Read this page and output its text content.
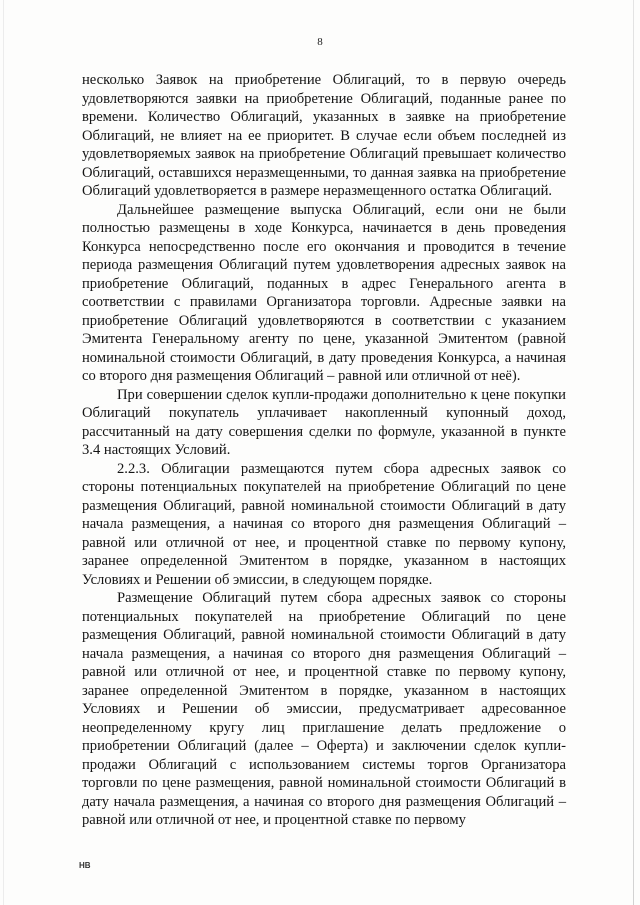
8

несколько Заявок на приобретение Облигаций, то в первую очередь удовлетворяются заявки на приобретение Облигаций, поданные ранее по времени. Количество Облигаций, указанных в заявке на приобретение Облигаций, не влияет на ее приоритет. В случае если объем последней из удовлетворяемых заявок на приобретение Облигаций превышает количество Облигаций, оставшихся неразмещенными, то данная заявка на приобретение Облигаций удовлетворяется в размере неразмещенного остатка Облигаций.

Дальнейшее размещение выпуска Облигаций, если они не были полностью размещены в ходе Конкурса, начинается в день проведения Конкурса непосредственно после его окончания и проводится в течение периода размещения Облигаций путем удовлетворения адресных заявок на приобретение Облигаций, поданных в адрес Генерального агента в соответствии с правилами Организатора торговли. Адресные заявки на приобретение Облигаций удовлетворяются в соответствии с указанием Эмитента Генеральному агенту по цене, указанной Эмитентом (равной номинальной стоимости Облигаций, в дату проведения Конкурса, а начиная со второго дня размещения Облигаций – равной или отличной от неё).

При совершении сделок купли-продажи дополнительно к цене покупки Облигаций покупатель уплачивает накопленный купонный доход, рассчитанный на дату совершения сделки по формуле, указанной в пункте 3.4 настоящих Условий.

2.2.3. Облигации размещаются путем сбора адресных заявок со стороны потенциальных покупателей на приобретение Облигаций по цене размещения Облигаций, равной номинальной стоимости Облигаций в дату начала размещения, а начиная со второго дня размещения Облигаций – равной или отличной от нее, и процентной ставке по первому купону, заранее определенной Эмитентом в порядке, указанном в настоящих Условиях и Решении об эмиссии, в следующем порядке.

Размещение Облигаций путем сбора адресных заявок со стороны потенциальных покупателей на приобретение Облигаций по цене размещения Облигаций, равной номинальной стоимости Облигаций в дату начала размещения, а начиная со второго дня размещения Облигаций – равной или отличной от нее, и процентной ставке по первому купону, заранее определенной Эмитентом в порядке, указанном в настоящих Условиях и Решении об эмиссии, предусматривает адресованное неопределенному кругу лиц приглашение делать предложение о приобретении Облигаций (далее – Оферта) и заключении сделок купли-продажи Облигаций с использованием системы торгов Организатора торговли по цене размещения, равной номинальной стоимости Облигаций в дату начала размещения, а начиная со второго дня размещения Облигаций – равной или отличной от нее, и процентной ставке по первому

HB
